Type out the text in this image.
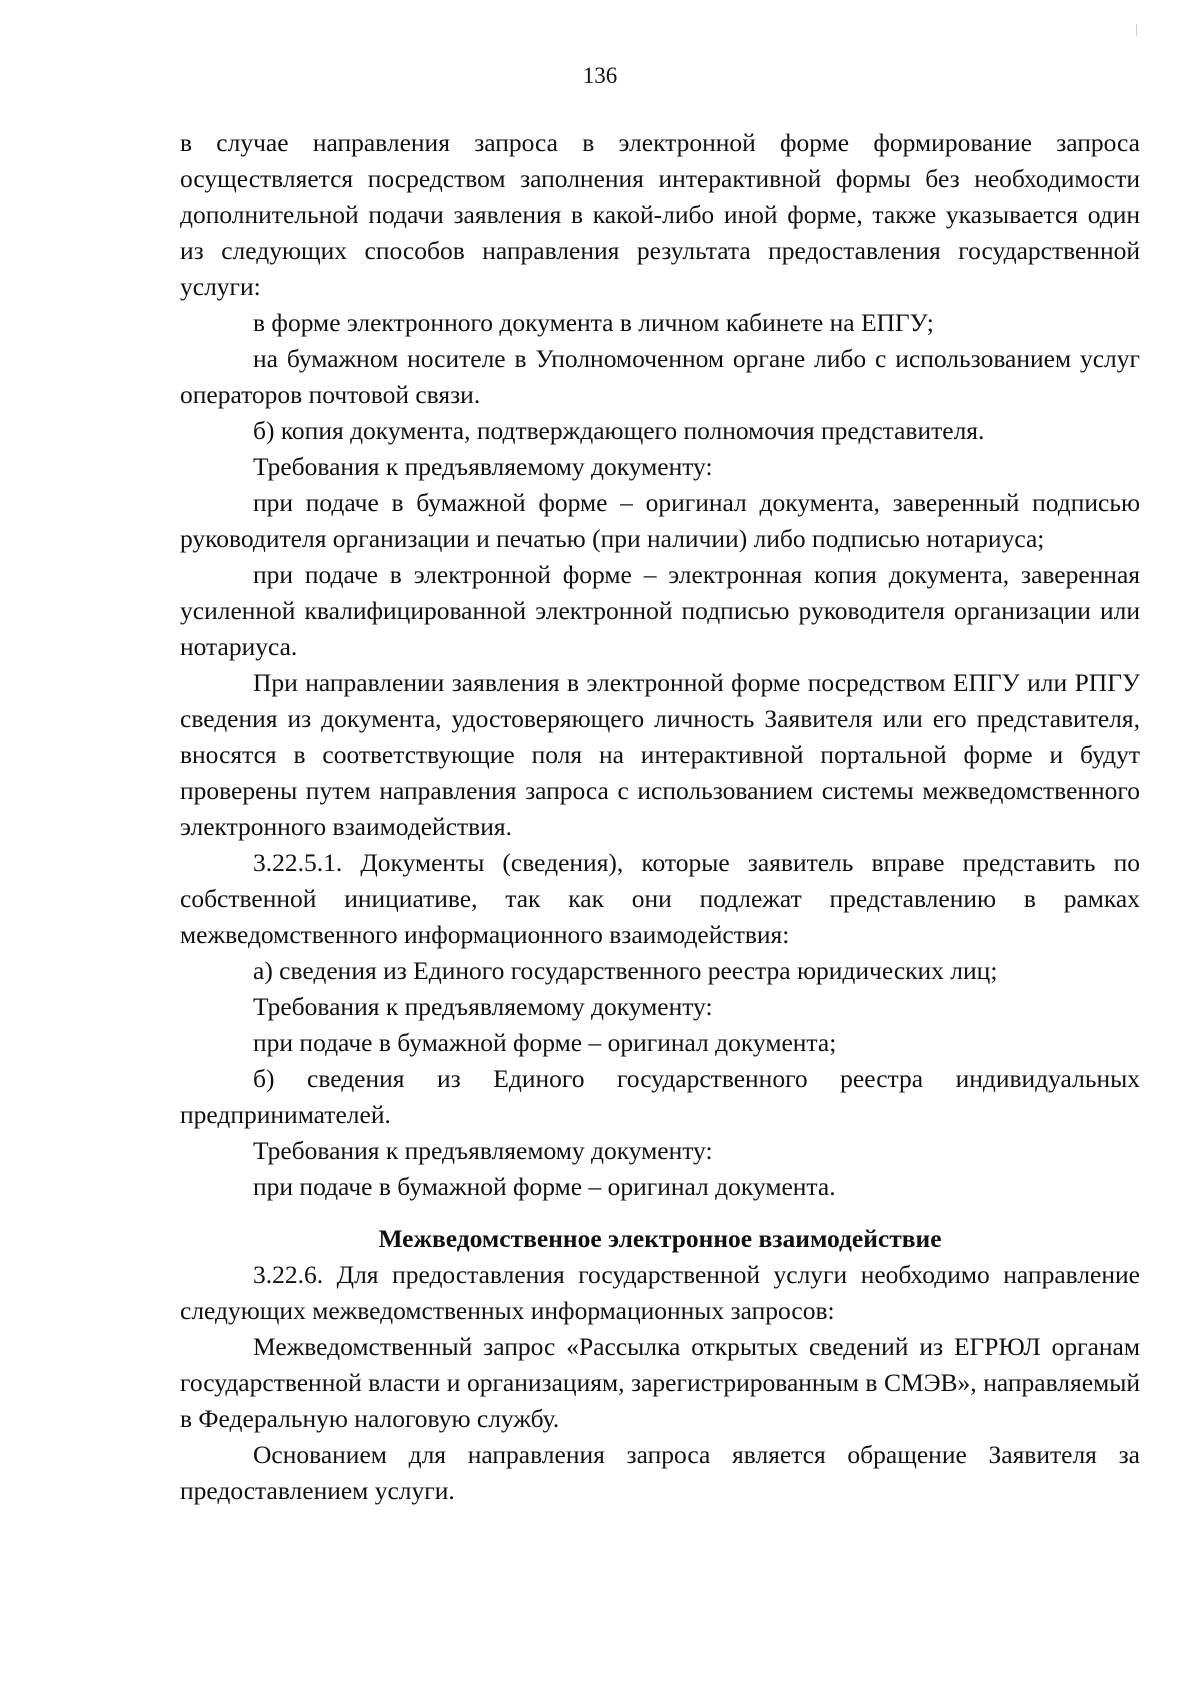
136

в случае направления запроса в электронной форме формирование запроса осуществляется посредством заполнения интерактивной формы без необходимости дополнительной подачи заявления в какой-либо иной форме, также указывается один из следующих способов направления результата предоставления государственной услуги:

в форме электронного документа в личном кабинете на ЕПГУ;

на бумажном носителе в Уполномоченном органе либо с использованием услуг операторов почтовой связи.

б) копия документа, подтверждающего полномочия представителя.

Требования к предъявляемому документу:

при подаче в бумажной форме – оригинал документа, заверенный подписью руководителя организации и печатью (при наличии) либо подписью нотариуса;

при подаче в электронной форме – электронная копия документа, заверенная усиленной квалифицированной электронной подписью руководителя организации или нотариуса.

При направлении заявления в электронной форме посредством ЕПГУ или РПГУ сведения из документа, удостоверяющего личность Заявителя или его представителя, вносятся в соответствующие поля на интерактивной портальной форме и будут проверены путем направления запроса с использованием системы межведомственного электронного взаимодействия.

3.22.5.1. Документы (сведения), которые заявитель вправе представить по собственной инициативе, так как они подлежат представлению в рамках межведомственного информационного взаимодействия:

а) сведения из Единого государственного реестра юридических лиц;

Требования к предъявляемому документу:

при подаче в бумажной форме – оригинал документа;

б) сведения из Единого государственного реестра индивидуальных предпринимателей.

Требования к предъявляемому документу:

при подаче в бумажной форме – оригинал документа.

Межведомственное электронное взаимодействие

3.22.6. Для предоставления государственной услуги необходимо направление следующих межведомственных информационных запросов:

Межведомственный запрос «Рассылка открытых сведений из ЕГРЮЛ органам государственной власти и организациям, зарегистрированным в СМЭВ», направляемый в Федеральную налоговую службу.

Основанием для направления запроса является обращение Заявителя за предоставлением услуги.
